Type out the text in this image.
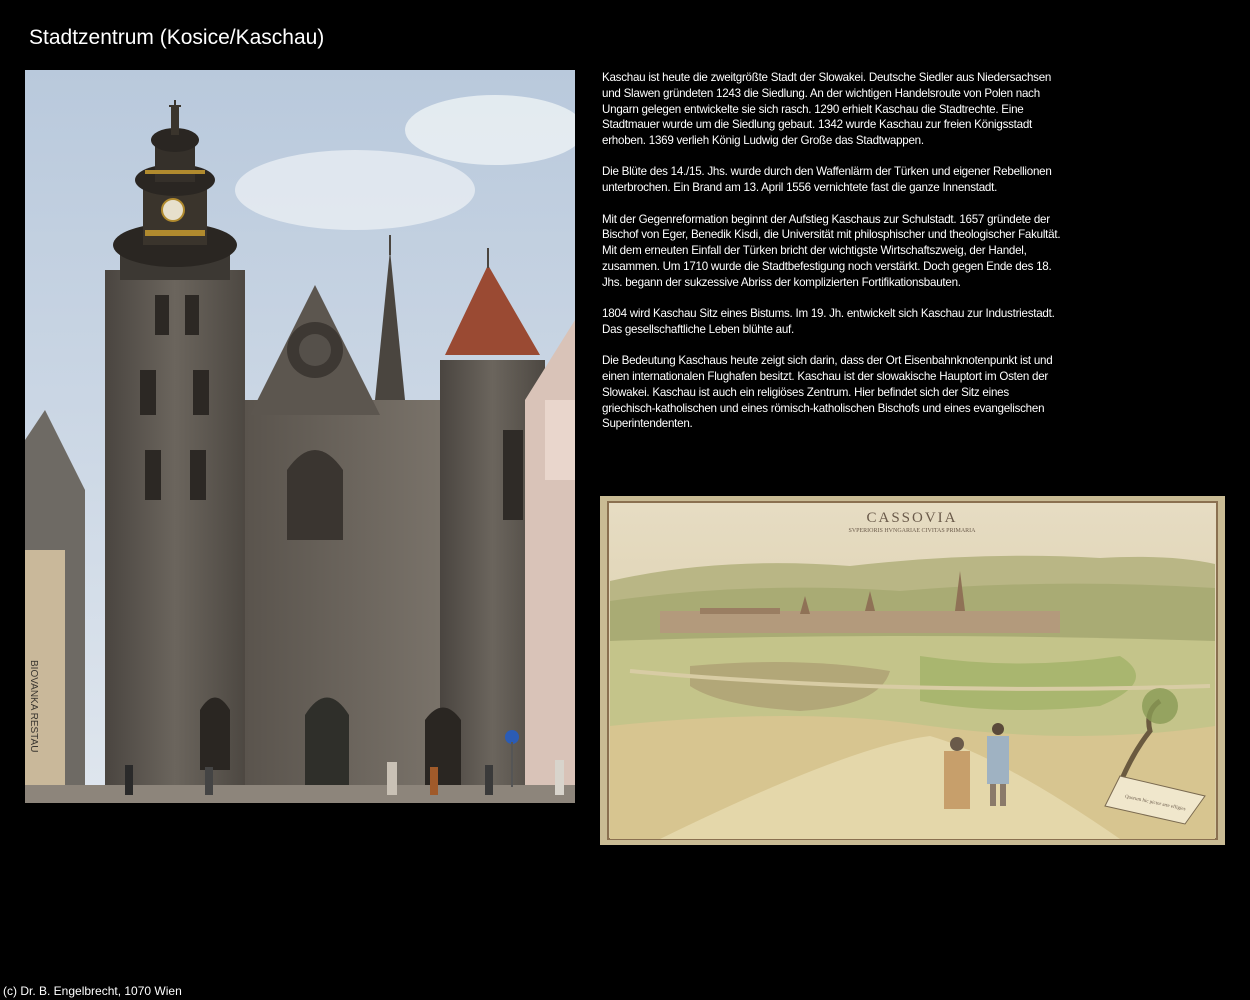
Stadtzentrum (Kosice/Kaschau)
BIOVANKA RESTAU

Kaschau ist heute die zweitgrößte Stadt der Slowakei. Deutsche Siedler aus Niedersachsen und Slawen gründeten 1243 die Siedlung. An der wichtigen Handelsroute von Polen nach Ungarn gelegen entwickelte sie sich rasch. 1290 erhielt Kaschau die Stadtrechte. Eine Stadtmauer wurde um die Siedlung gebaut. 1342 wurde Kaschau zur freien Königsstadt erhoben. 1369 verlieh König Ludwig der Große das Stadtwappen.

Die Blüte des 14./15. Jhs. wurde durch den Waffenlärm der Türken und eigener Rebellionen unterbrochen. Ein Brand am 13. April 1556 vernichtete fast die ganze Innenstadt.

Mit der Gegenreformation beginnt der Aufstieg Kaschaus zur Schulstadt. 1657 gründete der Bischof von Eger, Benedik Kisdi, die Universität mit philosphischer und theologischer Fakultät. Mit dem erneuten Einfall der Türken bricht der wichtigste Wirtschaftszweig, der Handel, zusammen. Um 1710 wurde die Stadtbefestigung noch verstärkt. Doch gegen Ende des 18. Jhs. begann der sukzessive Abriss der komplizierten Fortifikationsbauten.

1804 wird Kaschau Sitz eines Bistums. Im 19. Jh. entwickelt sich Kaschau zur Industriestadt. Das gesellschaftliche Leben blühte auf.

Die Bedeutung Kaschaus heute zeigt sich darin, dass der Ort Eisenbahnknotenpunkt ist und einen internationalen Flughafen besitzt. Kaschau ist der slowakische Hauptort im Osten der Slowakei. Kaschau ist auch ein religiöses Zentrum. Hier befindet sich der Sitz eines griechisch-katholischen und eines römisch-katholischen Bischofs und eines evangelischen Superintendenten.

CASSOVIA
SVPERIORIS HVNGARIAE CIVITAS PRIMARIA
Quorum hic pictor arte effigies
(c) Dr. B. Engelbrecht, 1070 Wien
